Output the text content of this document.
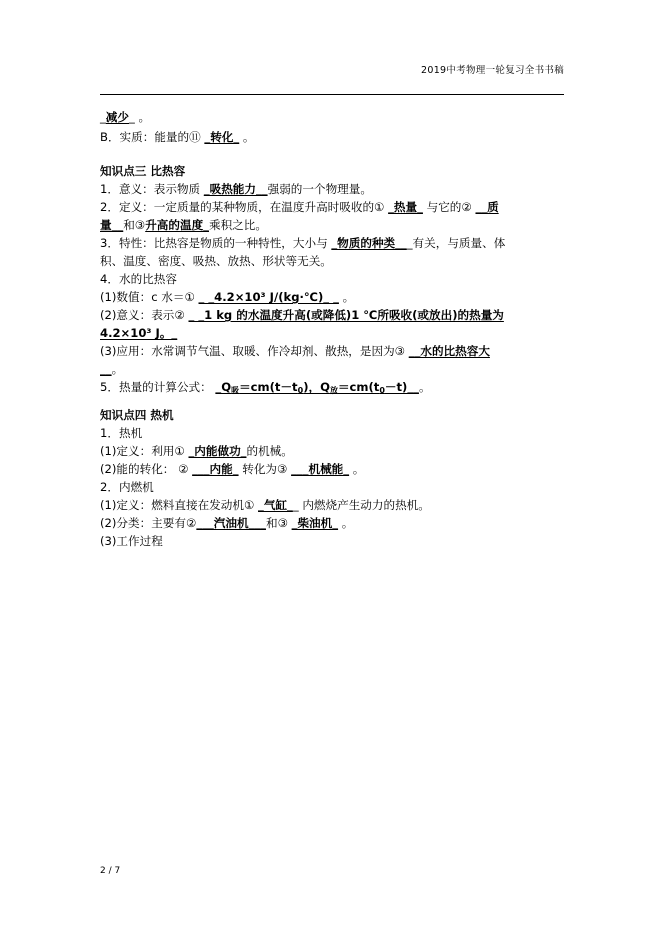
2019中考物理一轮复习全书书稿
_减少_ 。
B．实质：能量的⑪ _转化_ 。
知识点三 比热容
1．意义：表示物质 _吸热能力__强弱的一个物理量。
2．定义：一定质量的某种物质，在温度升高时吸收的① _热量_ 与它的② __质
量__和③升高的温度_乘积之比。
3．特性：比热容是物质的一种特性，大小与 _物质的种类___有关，与质量、体
积、温度、密度、吸热、放热、形状等无关。
4．水的比热容
(1)数值：c 水＝① _ _4.2×10³ J/(kg·℃)_ _ 。
(2)意义：表示② _ _1 kg 的水温度升高(或降低)1 ℃所吸收(或放出)的热量为
4.2×10³ J。_
(3)应用：水常调节气温、取暖、作冷却剂、散热，是因为③ __水的比热容大
__。
5．热量的计算公式： $\_Q_吸=cm(t-t_0)$，$Q_放=cm(t_0-t)\_\_$。
知识点四 热机
1．热机
(1)定义：利用① _内能做功_的机械。
(2)能的转化： ② ___内能_ 转化为③ ___机械能_ 。
2．内燃机
(1)定义：燃料直接在发动机① _气缸__ 内燃烧产生动力的热机。
(2)分类：主要有②___汽油机___和③ _柴油机_ 。
(3)工作过程
2 / 7
